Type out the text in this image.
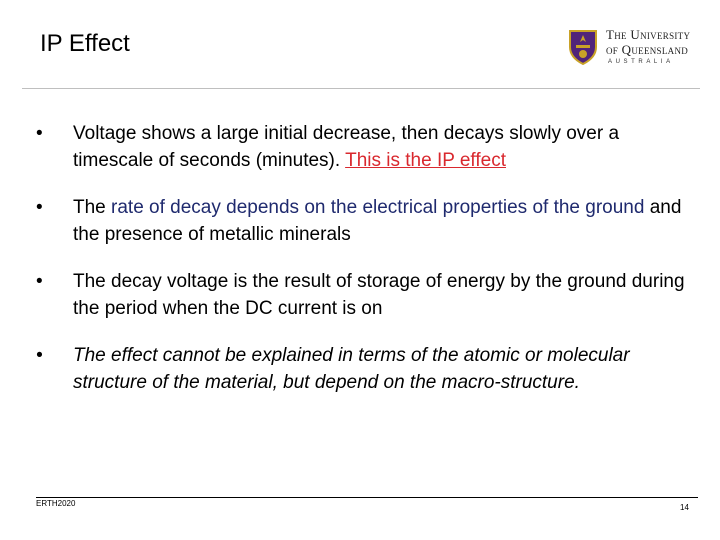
IP Effect	The University
of Queensland
AUSTRALIA
• Voltage shows a large initial decrease, then decays slowly over a timescale of seconds (minutes). This is the IP effect
• The rate of decay depends on the electrical properties of the ground and the presence of metallic minerals
• The decay voltage is the result of storage of energy by the ground during the period when the DC current is on
• The effect cannot be explained in terms of the atomic or molecular structure of the material, but depend on the macro-structure.
ERTH2020	14
